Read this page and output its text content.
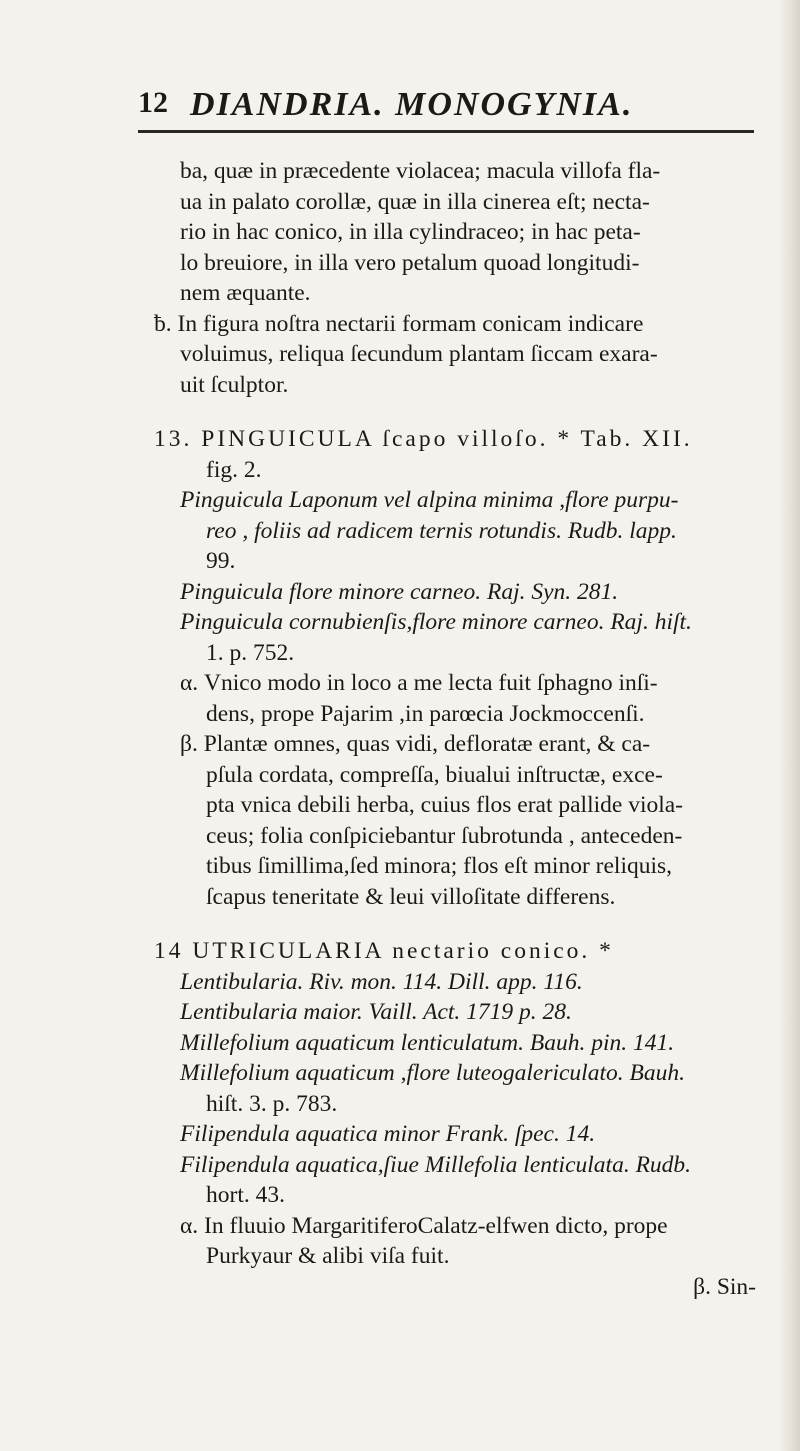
12 DIANDRIA. MONOGYNIA.
ba, quæ in præcedente violacea; macula villofa fla-
ua in palato corollæ, quæ in illa cinerea eſt; necta-
rio in hac conico, in illa cylindraceo; in hac peta-
lo breuiore, in illa vero petalum quoad longitudi-
nem æquante.
ƀ. In figura noſtra nectarii formam conicam indicare
voluimus, reliqua ſecundum plantam ſiccam exara-
uit ſculptor.
13. PINGUICULA ſcapo villoſo. * Tab. XII.
fig. 2.
Pinguicula Laponum vel alpina minima ,flore purpu-
reo , foliis ad radicem ternis rotundis. Rudb. lapp.
99.
Pinguicula flore minore carneo. Raj. Syn. 281.
Pinguicula cornubienſis,flore minore carneo. Raj. hiſt.
1. p. 752.
α. Vnico modo in loco a me lecta fuit ſphagno inſi-
dens, prope Pajarim ,in parœcia Jockmoccenſi.
β. Plantæ omnes, quas vidi, defloratæ erant, & ca-
pſula cordata, compreſſa, biualui inſtructæ, exce-
pta vnica debili herba, cuius flos erat pallide viola-
ceus; folia conſpiciebantur ſubrotunda , anteceden-
tibus ſimillima,ſed minora; flos eſt minor reliquis,
ſcapus teneritate & leui villoſitate differens.
14 UTRICULARIA nectario conico. *
Lentibularia. Riv. mon. 114. Dill. app. 116.
Lentibularia maior. Vaill. Act. 1719 p. 28.
Millefolium aquaticum lenticulatum. Bauh. pin. 141.
Millefolium aquaticum ,flore luteogalericulato. Bauh.
hiſt. 3. p. 783.
Filipendula aquatica minor Frank. ſpec. 14.
Filipendula aquatica,ſiue Millefolia lenticulata. Rudb.
hort. 43.
α. In fluuio MargaritiferoCalatz-elfwen dicto, prope
Purkyaur & alibi viſa fuit.
β. Sin-
